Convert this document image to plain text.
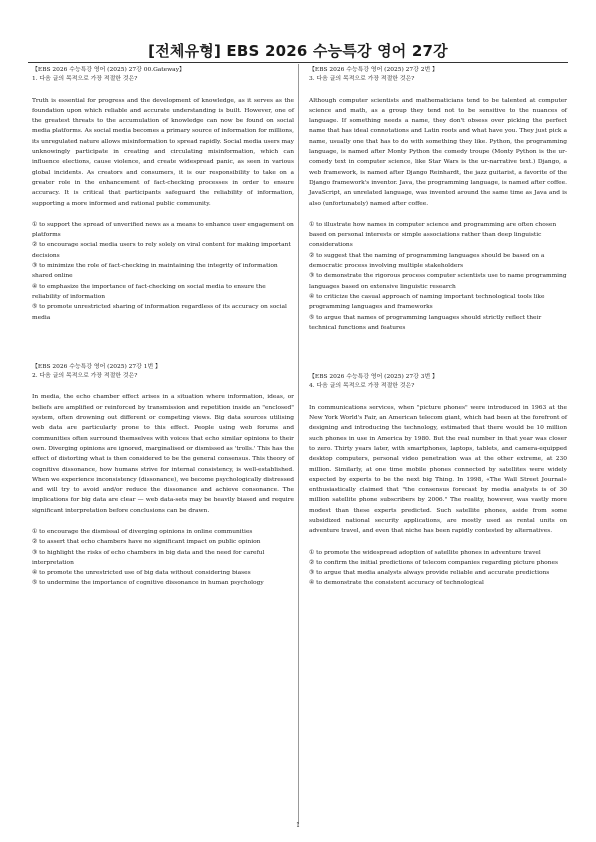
[전체유형] EBS 2026 수능특강 영어 27강

【EBS 2026 수능특강 영어 (2025) 27강 00.Gateway】

1. 다음 글의 목적으로 가장 적절한 것은?

Truth is essential for progress and the development of knowledge, as it serves as the foundation upon which reliable and accurate understanding is built. However, one of the greatest threats to the accumulation of knowledge can now be found on social media platforms. As social media becomes a primary source of information for millions, its unregulated nature allows misinformation to spread rapidly. Social media users may unknowingly participate in creating and circulating misinformation, which can influence elections, cause violence, and create widespread panic, as seen in various global incidents. As creators and consumers, it is our responsibility to take on a greater role in the enhancement of fact-checking processes in order to ensure accuracy. It is critical that participants safeguard the reliability of information, supporting a more informed and rational public community.

① to support the spread of unverified news as a means to enhance user engagement on platforms
② to encourage social media users to rely solely on viral content for making important decisions
③ to minimize the role of fact-checking in maintaining the integrity of information shared online
④ to emphasize the importance of fact-checking on social media to ensure the reliability of information
⑤ to promote unrestricted sharing of information regardless of its accuracy on social media

【EBS 2026 수능특강 영어 (2025) 27강 1번 】

2. 다음 글의 목적으로 가장 적절한 것은?

In media, the echo chamber effect arises in a situation where information, ideas, or beliefs are amplified or reinforced by transmission and repetition inside an "enclosed" system, often drowning out different or competing views. Big data sources utilising web data are particularly prone to this effect. People using web forums and communities often surround themselves with voices that echo similar opinions to their own. Diverging opinions are ignored, marginalised or dismissed as 'trolls.' This has the effect of distorting what is then considered to be the general consensus. This theory of cognitive dissonance, how humans strive for internal consistency, is well-established. When we experience inconsistency (dissonance), we become psychologically distressed and will try to avoid and/or reduce the dissonance and achieve consonance. The implications for big data are clear — web data-sets may be heavily biased and require significant interpretation before conclusions can be drawn.

① to encourage the dismissal of diverging opinions in online communities
② to assert that echo chambers have no significant impact on public opinion
③ to highlight the risks of echo chambers in big data and the need for careful interpretation
④ to promote the unrestricted use of big data without considering biases
⑤ to undermine the importance of cognitive dissonance in human psychology

【EBS 2026 수능특강 영어 (2025) 27강 2번 】

3. 다음 글의 목적으로 가장 적절한 것은?

Although computer scientists and mathematicians tend to be talented at computer science and math, as a group they tend not to be sensitive to the nuances of language. If something needs a name, they don't obsess over picking the perfect name that has ideal connotations and Latin roots and what have you. They just pick a name, usually one that has to do with something they like. Python, the programming language, is named after Monty Python the comedy troupe (Monty Python is the ur-comedy text in computer science, like Star Wars is the ur-narrative text.) Django, a web framework, is named after Django Reinhardt, the jazz guitarist, a favorite of the Django framework's inventor. Java, the programming language, is named after coffee. JavaScript, an unrelated language, was invented around the same time as Java and is also (unfortunately) named after coffee.

① to illustrate how names in computer science and programming are often chosen based on personal interests or simple associations rather than deep linguistic considerations
② to suggest that the naming of programming languages should be based on a democratic process involving multiple stakeholders
③ to demonstrate the rigorous process computer scientists use to name programming languages based on extensive linguistic research
④ to criticize the casual approach of naming important technological tools like programming languages and frameworks
⑤ to argue that names of programming languages should strictly reflect their technical functions and features

【EBS 2026 수능특강 영어 (2025) 27강 3번 】

4. 다음 글의 목적으로 가장 적절한 것은?

In communications services, when "picture phones" were introduced in 1963 at the New York World's Fair, an American telecom giant, which had been at the forefront of designing and introducing the technology, estimated that there would be 10 million such phones in use in America by 1980. But the real number in that year was closer to zero. Thirty years later, with smartphones, laptops, tablets, and camera-equipped desktop computers, personal video penetration was at the other extreme, at 230 million. Similarly, at one time mobile phones connected by satellites were widely expected by experts to be the next big Thing. In 1998, «The Wall Street Journal» enthusiastically claimed that "the consensus forecast by media analysts is of 30 million satellite phone subscribers by 2006." The reality, however, was vastly more modest than these experts predicted. Such satellite phones, aside from some subsidized national security applications, are mostly used as rental units on adventure travel, and even that niche has been rapidly contested by alternatives.

① to promote the widespread adoption of satellite phones in adventure travel
② to confirm the initial predictions of telecom companies regarding picture phones
③ to argue that media analysts always provide reliable and accurate predictions
④ to demonstrate the consistent accuracy of technological
1
